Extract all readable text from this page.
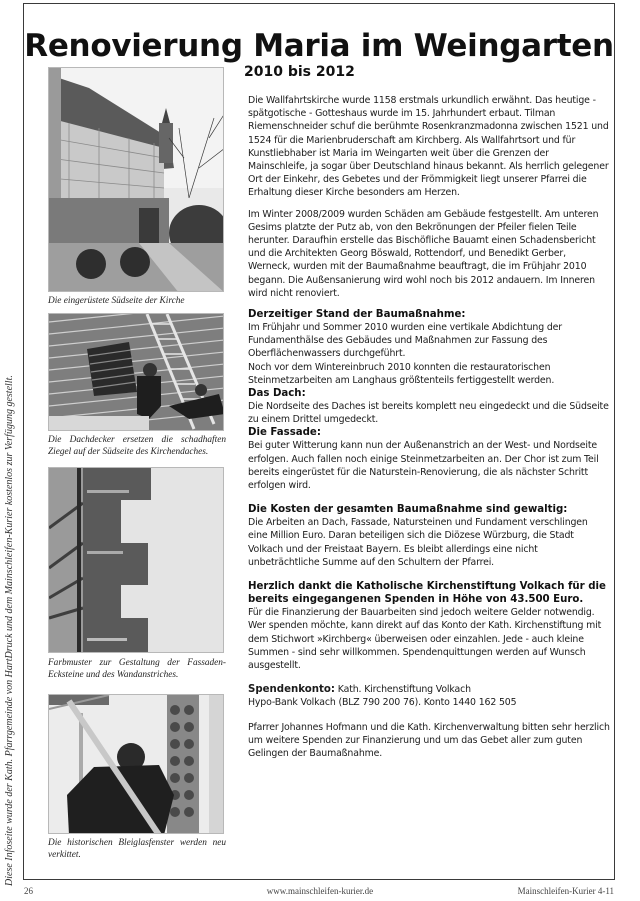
Renovierung Maria im Weingarten
2010 bis 2012
Die eingerüstete Südseite der Kirche
Die Dachdecker ersetzen die schadhaften Ziegel auf der Südseite des Kirchendaches.
Farbmuster zur Gestaltung der Fassaden-Ecksteine und des Wandanstriches.
Die historischen Bleiglasfenster werden neu verkittet.

Die Wallfahrtskirche wurde 1158 erstmals urkundlich erwähnt. Das heutige - spätgotische - Gotteshaus wurde im 15. Jahrhundert erbaut. Tilman Riemenschneider schuf die berühmte Rosenkranzmadonna zwischen 1521 und 1524 für die Marienbruderschaft am Kirchberg. Als Wallfahrtsort und für Kunstliebhaber ist Maria im Weingarten weit über die Grenzen der Mainschleife, ja sogar über Deutschland hinaus bekannt. Als herrlich gelegener Ort der Einkehr, des Gebetes und der Frömmigkeit liegt unserer Pfarrei die Erhaltung dieser Kirche besonders am Herzen.

Im Winter 2008/2009 wurden Schäden am Gebäude festgestellt. Am unteren Gesims platzte der Putz ab, von den Bekrönungen der Pfeiler fielen Teile herunter. Daraufhin erstelle das Bischöfliche Bauamt einen Schadensbericht und die Architekten Georg Böswald, Rottendorf, und Benedikt Gerber, Werneck, wurden mit der Baumaßnahme beauftragt, die im Frühjahr 2010 begann. Die Außensanierung wird wohl noch bis 2012 andauern. Im Inneren wird nicht renoviert.

Derzeitiger Stand der Baumaßnahme:

Im Frühjahr und Sommer 2010 wurden eine vertikale Abdichtung der Fundamenthälse des Gebäudes und Maßnahmen zur Fassung des Oberflächenwassers durchgeführt.

Noch vor dem Wintereinbruch 2010 konnten die restauratorischen Steinmetzarbeiten am Langhaus größtenteils fertiggestellt werden.

Das Dach:

Die Nordseite des Daches ist bereits komplett neu eingedeckt und die Südseite zu einem Drittel umgedeckt.

Die Fassade:

Bei guter Witterung kann nun der Außenanstrich an der West- und Nordseite erfolgen. Auch fallen noch einige Steinmetzarbeiten an. Der Chor ist zum Teil bereits eingerüstet für die Naturstein-Renovierung, die als nächster Schritt erfolgen wird.

Die Kosten der gesamten Baumaßnahme sind gewaltig:

Die Arbeiten an Dach, Fassade, Natursteinen und Fundament verschlingen eine Million Euro. Daran beteiligen sich die Diözese Würzburg, die Stadt Volkach und der Freistaat Bayern. Es bleibt allerdings eine nicht unbeträchtliche Summe auf den Schultern der Pfarrei.

Herzlich dankt die Katholische Kirchenstiftung Volkach für die bereits eingegangenen Spenden in Höhe von 43.500 Euro.

Für die Finanzierung der Bauarbeiten sind jedoch weitere Gelder notwendig. Wer spenden möchte, kann direkt auf das Konto der Kath. Kirchenstiftung mit dem Stichwort »Kirchberg« überweisen oder einzahlen. Jede - auch kleine Summen - sind sehr willkommen. Spendenquittungen werden auf Wunsch ausgestellt.

Spendenkonto: Kath. Kirchenstiftung Volkach
Hypo-Bank Volkach (BLZ 790 200 76). Konto 1440 162 505

Pfarrer Johannes Hofmann und die Kath. Kirchenverwaltung bitten sehr herzlich um weitere Spenden zur Finanzierung und um das Gebet aller zum guten Gelingen der Baumaßnahme.

Diese Infoseite wurde der Kath. Pfarrgemeinde von HartDruck und dem Mainschleifen-Kurier kostenlos zur Verfügung gestellt.
26	www.mainschleifen-kurier.de	Mainschleifen-Kurier 4-11
